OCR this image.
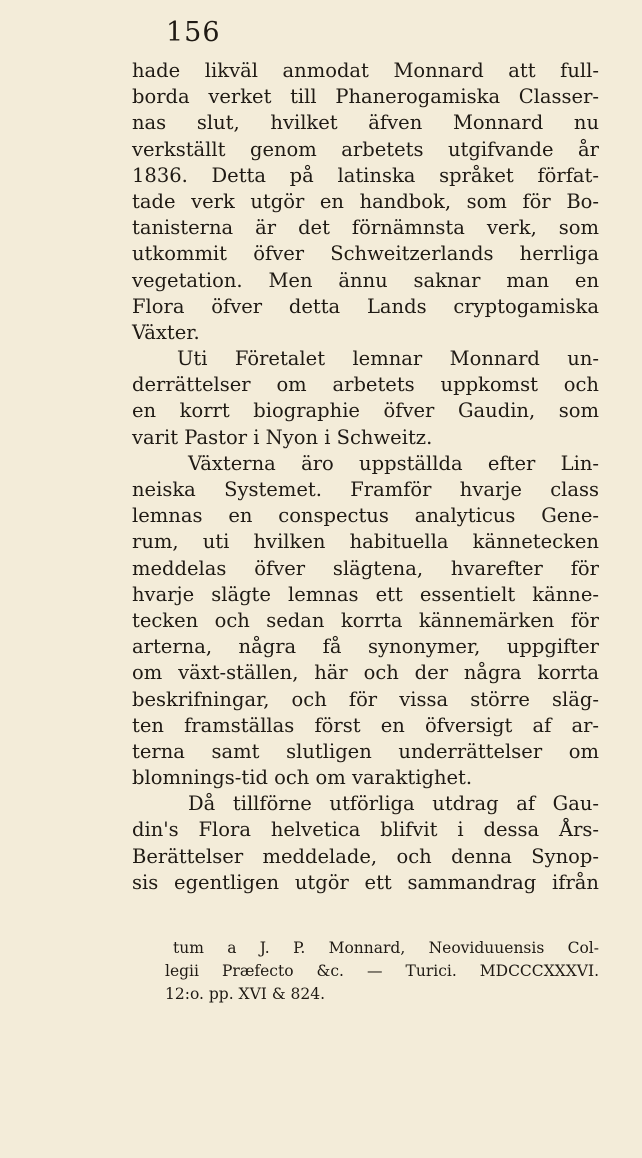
156
hade likväl anmodat Monnard att full-
borda verket till Phanerogamiska Classer-
nas slut, hvilket äfven Monnard nu
verkställt genom arbetets utgifvande år
1836. Detta på latinska språket förfat-
tade verk utgör en handbok, som för Bo-
tanisterna är det förnämnsta verk, som
utkommit öfver Schweitzerlands herrliga
vegetation. Men ännu saknar man en
Flora öfver detta Lands cryptogamiska
Växter.
Uti Företalet lemnar Monnard un-
derrättelser om arbetets uppkomst och
en korrt biographie öfver Gaudin, som
varit Pastor i Nyon i Schweitz.
Växterna äro uppställda efter Lin-
neiska Systemet. Framför hvarje class
lemnas en conspectus analyticus Gene-
rum, uti hvilken habituella kännetecken
meddelas öfver slägtena, hvarefter för
hvarje slägte lemnas ett essentielt känne-
tecken och sedan korrta kännemärken för
arterna, några få synonymer, uppgifter
om växt-ställen, här och der några korrta
beskrifningar, och för vissa större släg-
ten framställas först en öfversigt af ar-
terna samt slutligen underrättelser om
blomnings-tid och om varaktighet.
Då tillförne utförliga utdrag af Gau-
din's Flora helvetica blifvit i dessa Års-
Berättelser meddelade, och denna Synop-
sis egentligen utgör ett sammandrag ifrån
tum a J. P. Monnard, Neoviduuensis Col-
legii Præfecto &c. — Turici. MDCCCXXXVI.
12:o. pp. XVI & 824.
